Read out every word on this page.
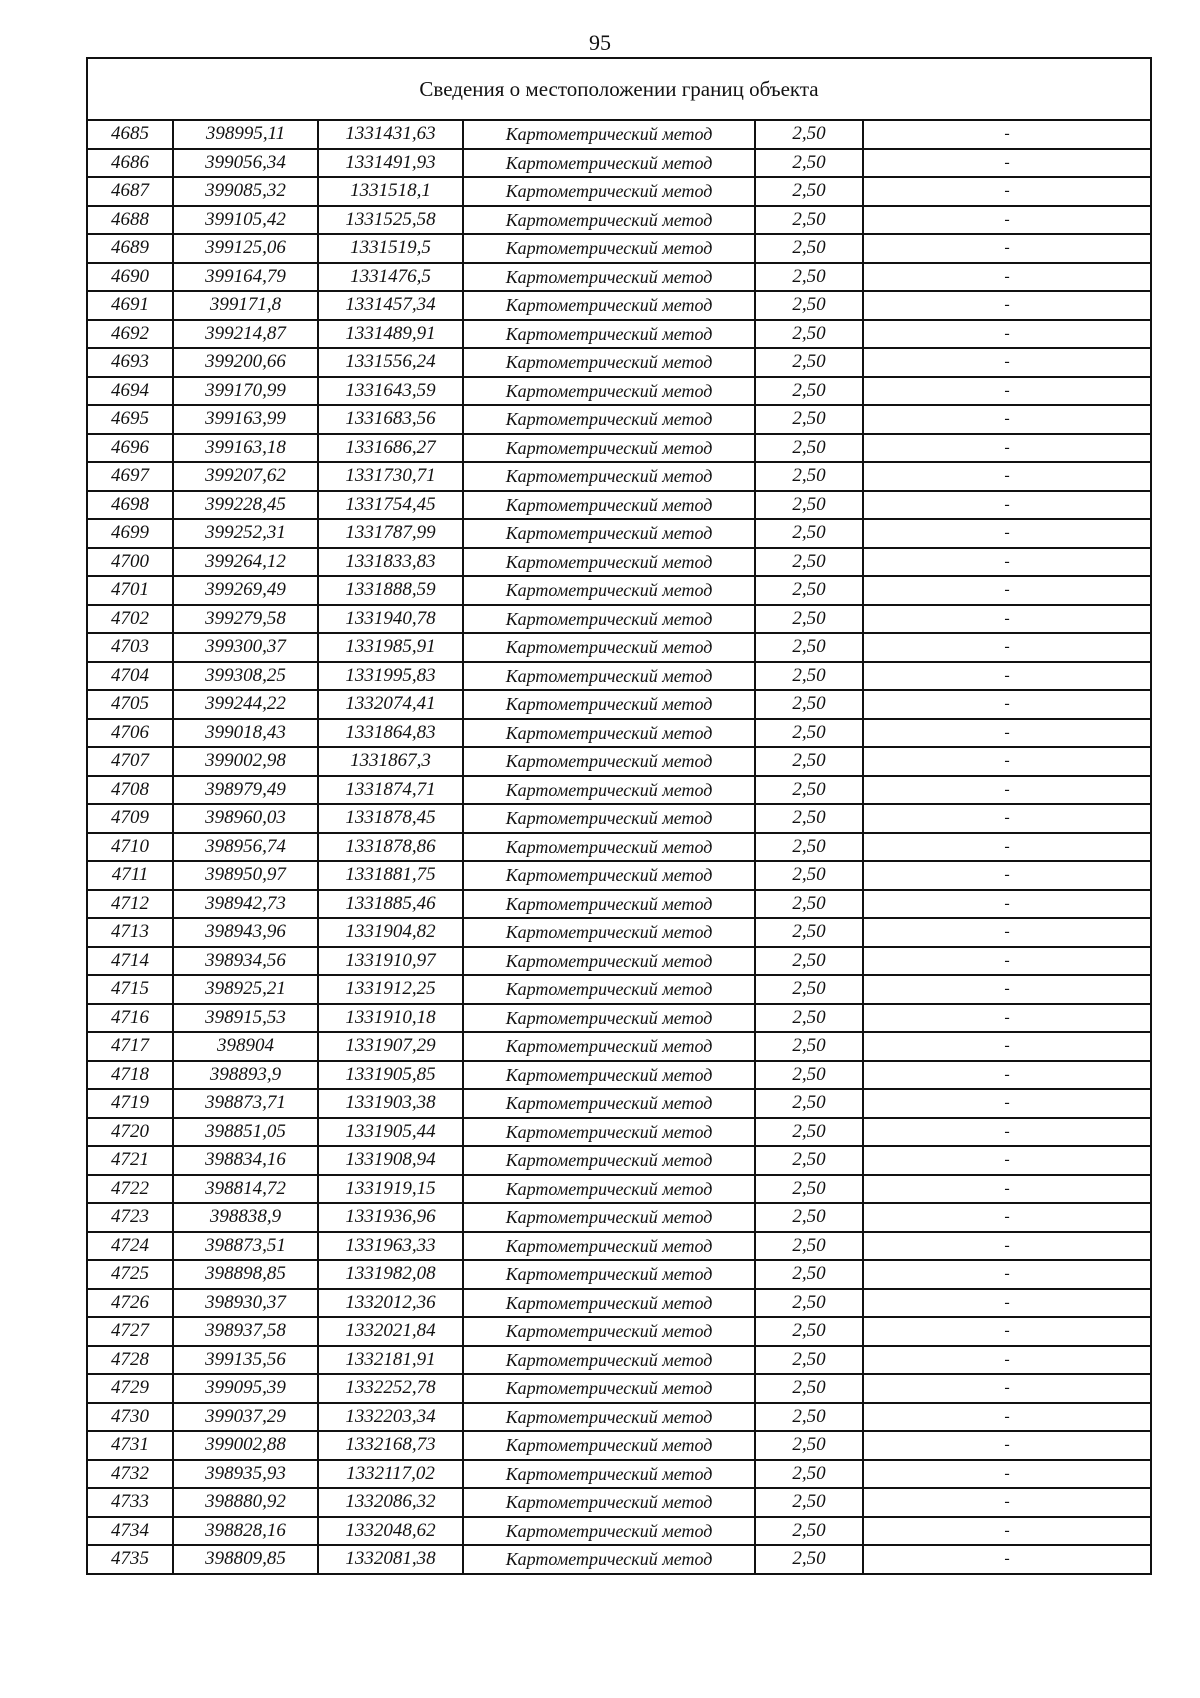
95
Сведения о местоположении границ объекта					
4685	398995,11	1331431,63	Картометрический метод	2,50	-
4686	399056,34	1331491,93	Картометрический метод	2,50	-
4687	399085,32	1331518,1	Картометрический метод	2,50	-
4688	399105,42	1331525,58	Картометрический метод	2,50	-
4689	399125,06	1331519,5	Картометрический метод	2,50	-
4690	399164,79	1331476,5	Картометрический метод	2,50	-
4691	399171,8	1331457,34	Картометрический метод	2,50	-
4692	399214,87	1331489,91	Картометрический метод	2,50	-
4693	399200,66	1331556,24	Картометрический метод	2,50	-
4694	399170,99	1331643,59	Картометрический метод	2,50	-
4695	399163,99	1331683,56	Картометрический метод	2,50	-
4696	399163,18	1331686,27	Картометрический метод	2,50	-
4697	399207,62	1331730,71	Картометрический метод	2,50	-
4698	399228,45	1331754,45	Картометрический метод	2,50	-
4699	399252,31	1331787,99	Картометрический метод	2,50	-
4700	399264,12	1331833,83	Картометрический метод	2,50	-
4701	399269,49	1331888,59	Картометрический метод	2,50	-
4702	399279,58	1331940,78	Картометрический метод	2,50	-
4703	399300,37	1331985,91	Картометрический метод	2,50	-
4704	399308,25	1331995,83	Картометрический метод	2,50	-
4705	399244,22	1332074,41	Картометрический метод	2,50	-
4706	399018,43	1331864,83	Картометрический метод	2,50	-
4707	399002,98	1331867,3	Картометрический метод	2,50	-
4708	398979,49	1331874,71	Картометрический метод	2,50	-
4709	398960,03	1331878,45	Картометрический метод	2,50	-
4710	398956,74	1331878,86	Картометрический метод	2,50	-
4711	398950,97	1331881,75	Картометрический метод	2,50	-
4712	398942,73	1331885,46	Картометрический метод	2,50	-
4713	398943,96	1331904,82	Картометрический метод	2,50	-
4714	398934,56	1331910,97	Картометрический метод	2,50	-
4715	398925,21	1331912,25	Картометрический метод	2,50	-
4716	398915,53	1331910,18	Картометрический метод	2,50	-
4717	398904	1331907,29	Картометрический метод	2,50	-
4718	398893,9	1331905,85	Картометрический метод	2,50	-
4719	398873,71	1331903,38	Картометрический метод	2,50	-
4720	398851,05	1331905,44	Картометрический метод	2,50	-
4721	398834,16	1331908,94	Картометрический метод	2,50	-
4722	398814,72	1331919,15	Картометрический метод	2,50	-
4723	398838,9	1331936,96	Картометрический метод	2,50	-
4724	398873,51	1331963,33	Картометрический метод	2,50	-
4725	398898,85	1331982,08	Картометрический метод	2,50	-
4726	398930,37	1332012,36	Картометрический метод	2,50	-
4727	398937,58	1332021,84	Картометрический метод	2,50	-
4728	399135,56	1332181,91	Картометрический метод	2,50	-
4729	399095,39	1332252,78	Картометрический метод	2,50	-
4730	399037,29	1332203,34	Картометрический метод	2,50	-
4731	399002,88	1332168,73	Картометрический метод	2,50	-
4732	398935,93	1332117,02	Картометрический метод	2,50	-
4733	398880,92	1332086,32	Картометрический метод	2,50	-
4734	398828,16	1332048,62	Картометрический метод	2,50	-
4735	398809,85	1332081,38	Картометрический метод	2,50	-
